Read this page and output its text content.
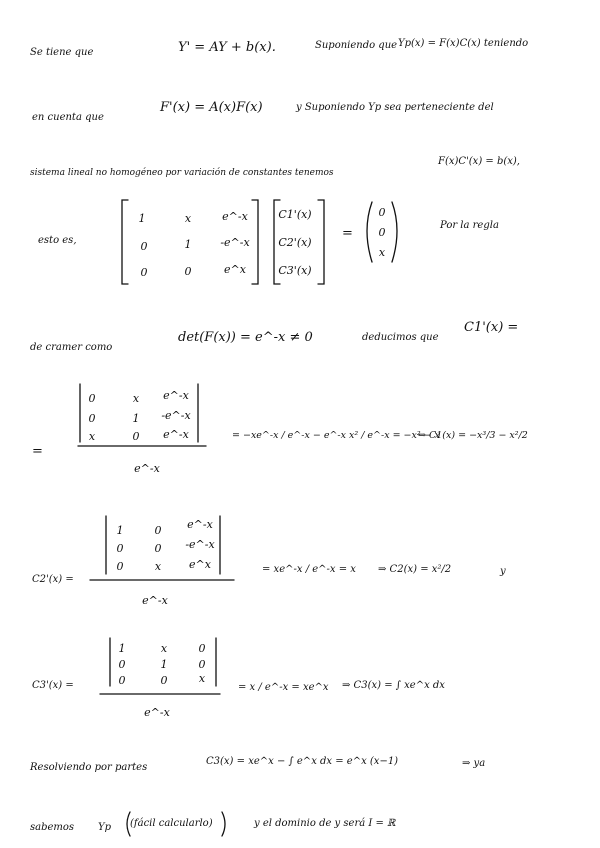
Se tiene que	Y' = AY + b(x).	Suponiendo que Yp(x) = F(x)C(x) teniendo
en cuenta que
F'(x) = A(x)F(x)	y Suponiendo Yp sea perteneciente del
sistema lineal no homogéneo por variación de constantes tenemos
F(x)C'(x) = b(x),
esto es,
1	x	e^-x
0	1	-e^-x
0	0	e^x
C1'(x)
C2'(x)
C3'(x)
=
0
0
x
Por la regla
de cramer como
det(F(x)) = e^-x ≠ 0	deducimos que
C1'(x) =
=
0	x	e^-x
0	1	-e^-x
x	0	e^-x
e^-x
= −xe^-x / e^-x − e^-x x² / e^-x = −x² − x
⇒ C1(x) = −x³/3 − x²/2
C2'(x) =
1	0	e^-x
0	0	-e^-x
0	x	e^x
e^-x
= xe^-x / e^-x = x ⇒ C2(x) = x²/2	y
C3'(x) =
1	x	0
0	1	0
0	0	x
e^-x
= x / e^-x = xe^x ⇒ C3(x) = ∫ xe^x dx
Resolviendo por partes
C3(x) = xe^x − ∫ e^x dx = e^x (x−1)	⇒ ya
sabemos Yp (fácil calcularlo)	y el dominio de y será I = ℝ
